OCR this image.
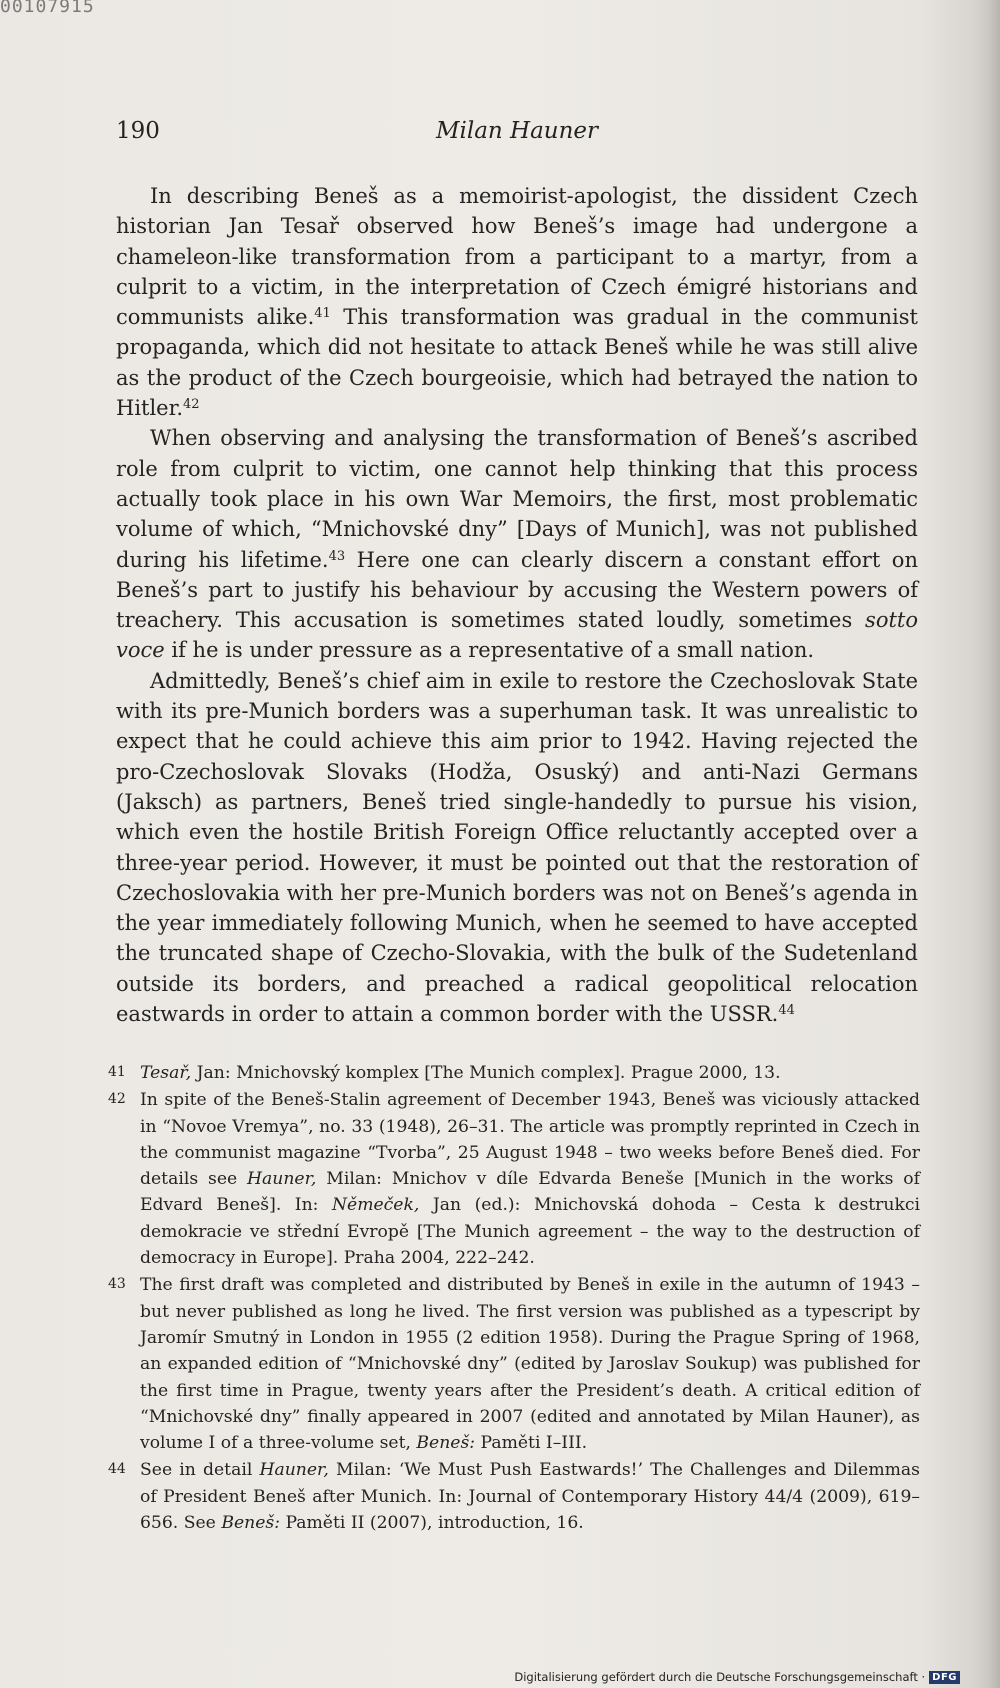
00107915
190	Milan Hauner

In describing Beneš as a memoirist-apologist, the dissident Czech historian Jan Tesař observed how Beneš’s image had undergone a chameleon-like transformation from a participant to a martyr, from a culprit to a victim, in the interpretation of Czech émigré historians and communists alike.$^{41}$ This transformation was gradual in the communist propaganda, which did not hesitate to attack Beneš while he was still alive as the product of the Czech bourgeoisie, which had betrayed the nation to Hitler.$^{42}$

When observing and analysing the transformation of Beneš’s ascribed role from culprit to victim, one cannot help thinking that this process actually took place in his own War Memoirs, the first, most problematic volume of which, “Mnichovské dny” [Days of Munich], was not published during his lifetime.$^{43}$ Here one can clearly discern a constant effort on Beneš’s part to justify his behaviour by accusing the Western powers of treachery. This accusation is sometimes stated loudly, sometimes sotto voce if he is under pressure as a representative of a small nation.

Admittedly, Beneš’s chief aim in exile to restore the Czechoslovak State with its pre-Munich borders was a superhuman task. It was unrealistic to expect that he could achieve this aim prior to 1942. Having rejected the pro-Czechoslovak Slovaks (Hodža, Osuský) and anti-Nazi Germans (Jaksch) as partners, Beneš tried single-handedly to pursue his vision, which even the hostile British Foreign Office reluctantly accepted over a three-year period. However, it must be pointed out that the restoration of Czechoslovakia with her pre-Munich borders was not on Beneš’s agenda in the year immediately following Munich, when he seemed to have accepted the truncated shape of Czecho-Slovakia, with the bulk of the Sudetenland outside its borders, and preached a radical geopolitical relocation eastwards in order to attain a common border with the USSR.$^{44}$

41 Tesař, Jan: Mnichovský komplex [The Munich complex]. Prague 2000, 13.
42 In spite of the Beneš-Stalin agreement of December 1943, Beneš was viciously attacked in “Novoe Vremya”, no. 33 (1948), 26–31. The article was promptly reprinted in Czech in the communist magazine “Tvorba”, 25 August 1948 – two weeks before Beneš died. For details see Hauner, Milan: Mnichov v díle Edvarda Beneše [Munich in the works of Edvard Beneš]. In: Němeček, Jan (ed.): Mnichovská dohoda – Cesta k destrukci demokracie ve střední Evropě [The Munich agreement – the way to the destruction of democracy in Europe]. Praha 2004, 222–242.
43 The first draft was completed and distributed by Beneš in exile in the autumn of 1943 – but never published as long he lived. The first version was published as a typescript by Jaromír Smutný in London in 1955 (2 edition 1958). During the Prague Spring of 1968, an expanded edition of “Mnichovské dny” (edited by Jaroslav Soukup) was published for the first time in Prague, twenty years after the President’s death. A critical edition of “Mnichovské dny” finally appeared in 2007 (edited and annotated by Milan Hauner), as volume I of a three-volume set, Beneš: Paměti I–III.
44 See in detail Hauner, Milan: ‘We Must Push Eastwards!’ The Challenges and Dilemmas of President Beneš after Munich. In: Journal of Contemporary History 44/4 (2009), 619–656. See Beneš: Paměti II (2007), introduction, 16.
Digitalisierung gefördert durch die Deutsche Forschungsgemeinschaft · DFG
